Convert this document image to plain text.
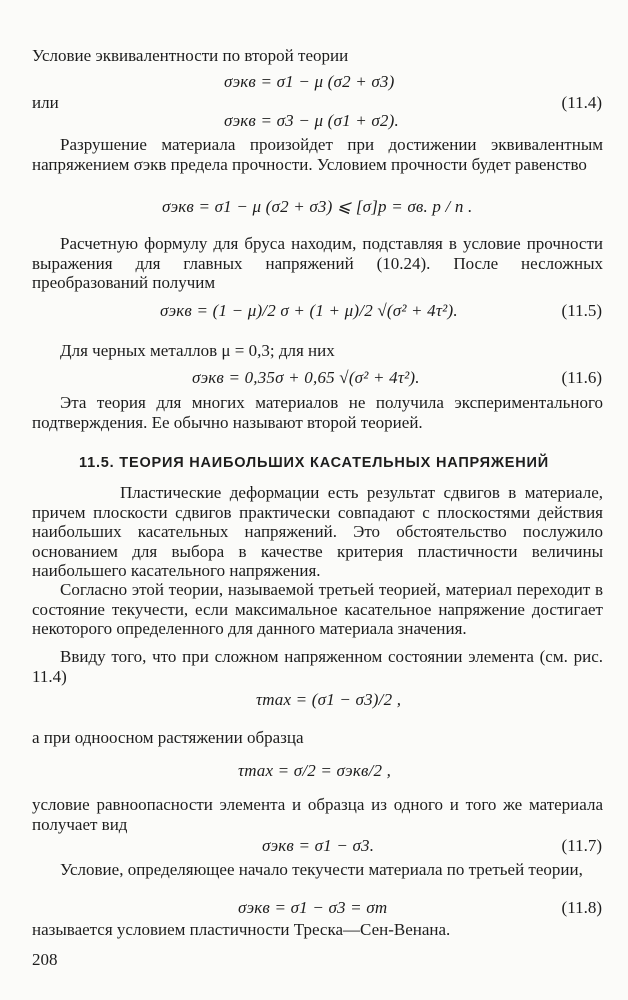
Условие эквивалентности по второй теории

σэкв = σ1 − μ (σ2 + σ3)
или	(11.4)
σэкв = σ3 − μ (σ1 + σ2).

Разрушение материала произойдет при достижении эквивалентным напряжением σэкв предела прочности. Условием прочности будет равенство

σэкв = σ1 − μ (σ2 + σ3) ⩽ [σ]р = σв. р / n .

Расчетную формулу для бруса находим, подставляя в условие прочности выражения для главных напряжений (10.24). После несложных преобразований получим

σэкв = (1 − μ)/2 σ + (1 + μ)/2 √(σ² + 4τ²).	(11.5)

Для черных металлов μ = 0,3; для них

σэкв = 0,35σ + 0,65 √(σ² + 4τ²).	(11.6)

Эта теория для многих материалов не получила экспериментального подтверждения. Ее обычно называют второй теорией.

11.5. ТЕОРИЯ НАИБОЛЬШИХ КАСАТЕЛЬНЫХ НАПРЯЖЕНИЙ

Пластические деформации есть результат сдвигов в материале, причем плоскости сдвигов практически совпадают с плоскостями действия наибольших касательных напряжений. Это обстоятельство послужило основанием для выбора в качестве критерия пластичности величины наибольшего касательного напряжения.

Согласно этой теории, называемой третьей теорией, материал переходит в состояние текучести, если максимальное касательное напряжение достигает некоторого определенного для данного материала значения.

Ввиду того, что при сложном напряженном состоянии элемента (см. рис. 11.4)

τmax = (σ1 − σ3)/2 ,

а при одноосном растяжении образца

τmax = σ/2 = σэкв/2 ,

условие равноопасности элемента и образца из одного и того же материала получает вид

σэкв = σ1 − σ3.	(11.7)

Условие, определяющее начало текучести материала по третьей теории,

σэкв = σ1 − σ3 = σт	(11.8)

называется условием пластичности Треска—Сен-Венана.

208
